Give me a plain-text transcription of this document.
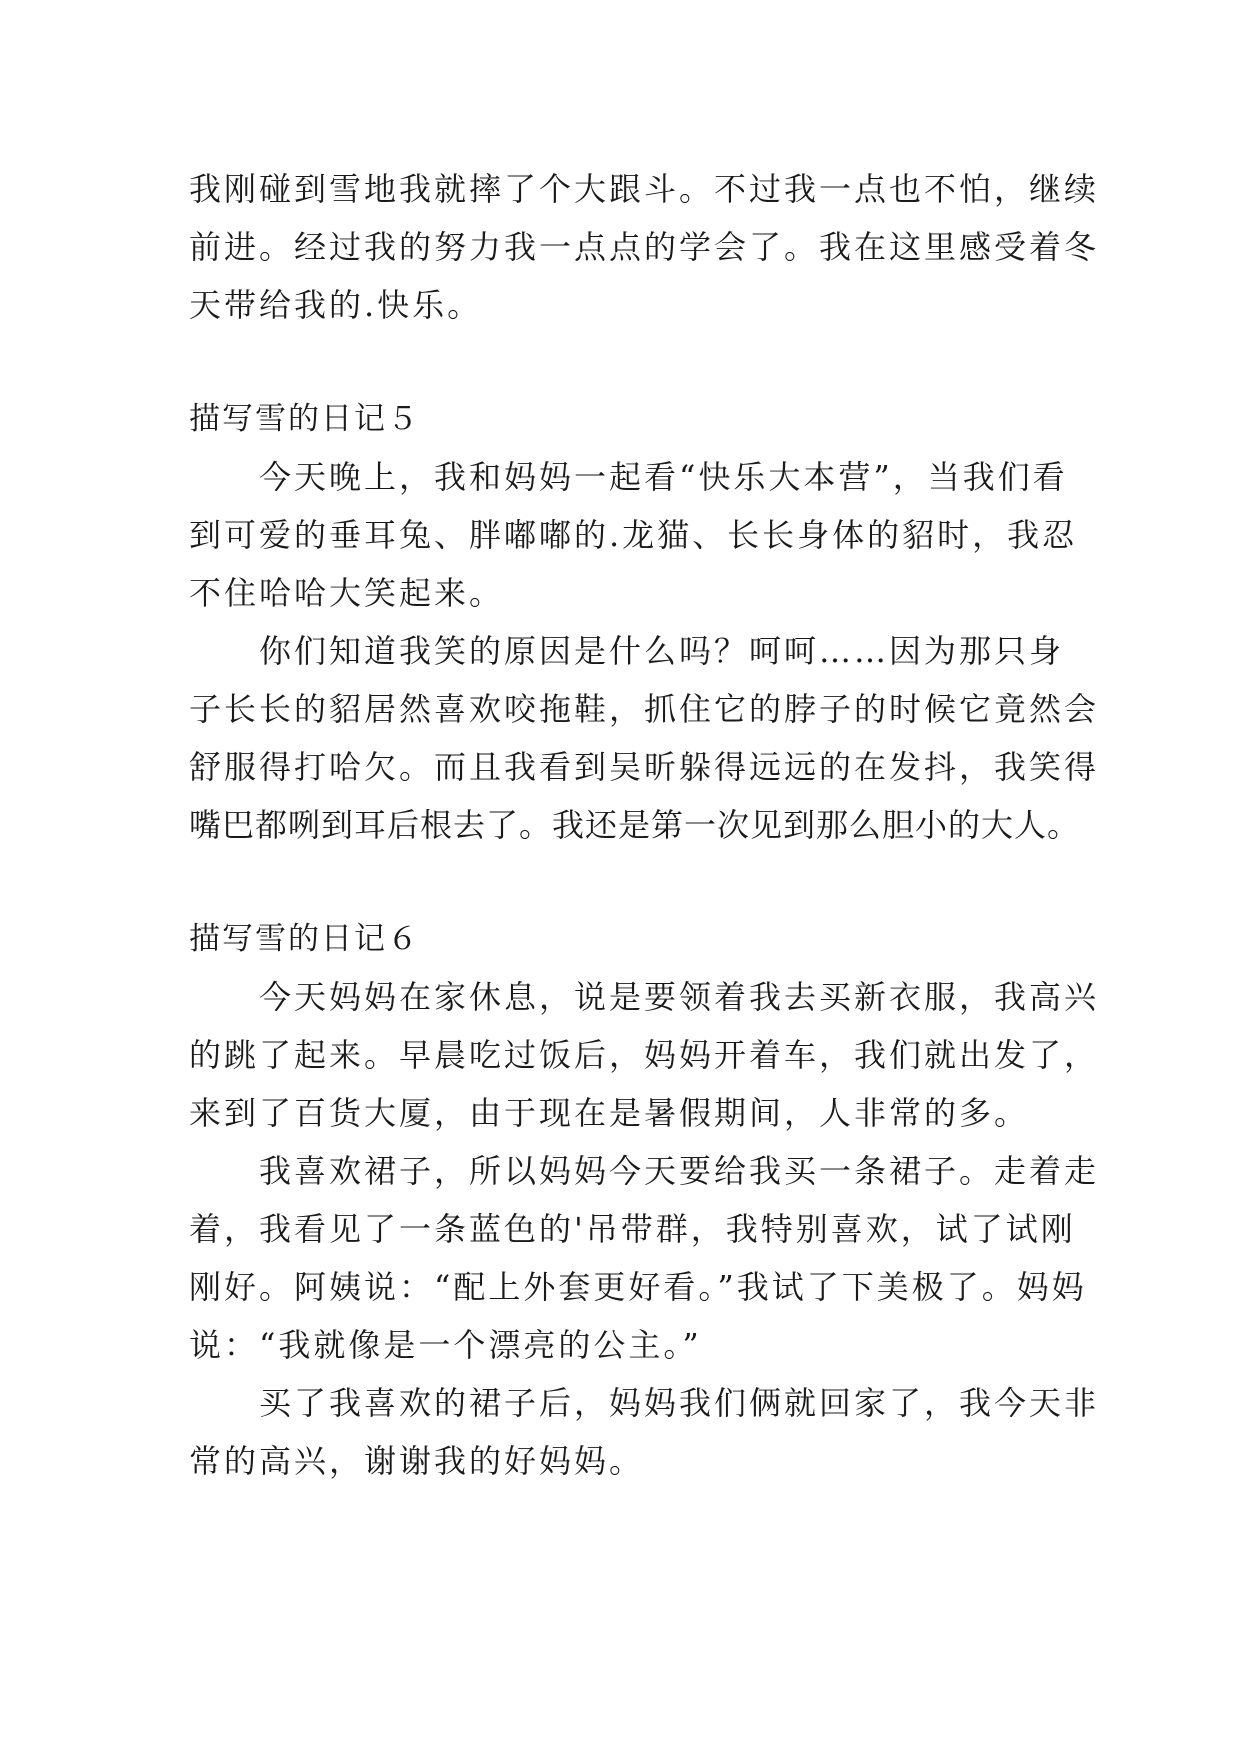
我刚碰到雪地我就摔了个大跟斗。不过我一点也不怕，继续

前进。经过我的努力我一点点的学会了。我在这里感受着冬

天带给我的.快乐。

描写雪的日记５

今天晚上，我和妈妈一起看“快乐大本营”，当我们看

到可爱的垂耳兔、胖嘟嘟的.龙猫、长长身体的貂时，我忍

不住哈哈大笑起来。

你们知道我笑的原因是什么吗？呵呵……因为那只身

子长长的貂居然喜欢咬拖鞋，抓住它的脖子的时候它竟然会

舒服得打哈欠。而且我看到吴昕躲得远远的在发抖，我笑得

嘴巴都咧到耳后根去了。我还是第一次见到那么胆小的大人。

描写雪的日记６

今天妈妈在家休息，说是要领着我去买新衣服，我高兴

的跳了起来。早晨吃过饭后，妈妈开着车，我们就出发了，

来到了百货大厦，由于现在是暑假期间，人非常的多。

我喜欢裙子，所以妈妈今天要给我买一条裙子。走着走

着，我看见了一条蓝色的'吊带群，我特别喜欢，试了试刚

刚好。阿姨说：“配上外套更好看。”我试了下美极了。妈妈

说：“我就像是一个漂亮的公主。”

买了我喜欢的裙子后，妈妈我们俩就回家了，我今天非

常的高兴，谢谢我的好妈妈。
